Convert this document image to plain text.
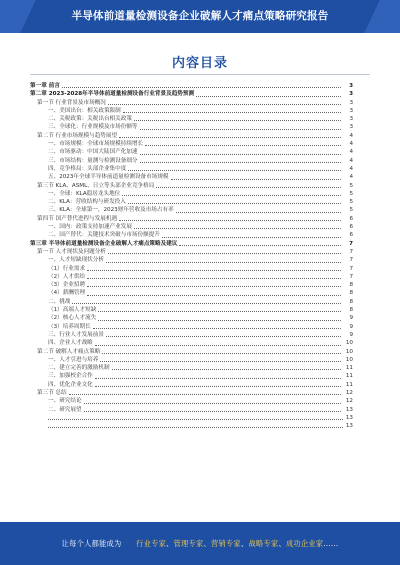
半导体前道量检测设备企业破解人才痛点策略研究报告
内容目录
第一章 前言	3
第二章 2023-2028年半导体前道量检测设备行业背景及趋势预测	3
第一节 行业背景及市场概况	3
一、美国出台：相关政策限制	3
二、关税政策：关税出台相关政策	3
三、全球化：行业规模及市场份额等	3
第二节 行业市场规模与趋势展望	4
一、市场规模：全球市场规模持续增长	4
二、市场驱动：中国大陆国产化加速	4
三、市场结构：量测与检测设备细分	4
四、竞争格局：头部企业集中度	4
五、2023年全球半导体前道量检测设备市场规模	4
第三节 KLA、ASML、日立等头部企业竞争格局	5
一、全球：KLA稳居龙头地位	5
二、KLA：营收结构与研发投入	5
三、KLA：全球第一，2023财年营收及市场占有率	5
第四节 国产替代进程与发展机遇	6
一、国内：政策支持加速产业发展	6
二、国产替代：关键技术突破与市场份额提升	6
第三章 半导体前道量检测设备企业破解人才痛点策略及建议	7
第一节 人才现状及问题分析	7
一、人才短缺现状分析	7
（1）行业需求	7
（2）人才供给	7
（3）企业招聘	8
（4）薪酬管理	8
二、挑战	8
（1）高端人才短缺	8
（2）核心人才流失	9
（3）培养周期长	9
三、行业人才发展前景	9
四、企业人才战略	10
第二节 破解人才痛点策略	10
一、人才引进与培养	10
二、建立完善的激励机制	11
三、加强校企合作	11
四、优化企业文化	11
第三节 总结	12
一、研究结论	12
二、研究展望	13
13
13
让每个人都能成为 行业专家、管理专家、营销专家、战略专家、成功企业家……
